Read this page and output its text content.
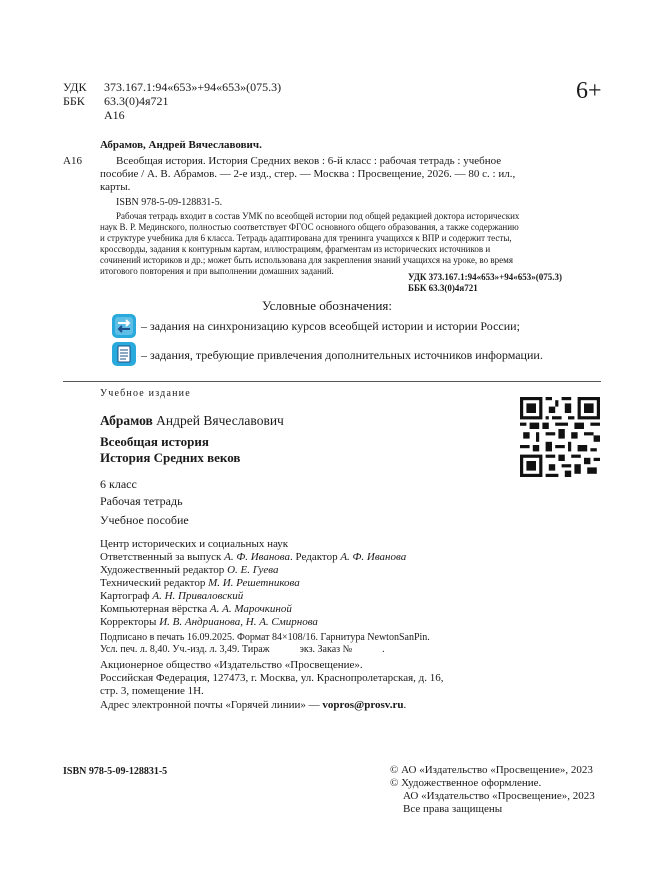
УДК 373.167.1:94«653»+94«653»(075.3)
ББК 63.3(0)4я721
А16
6+
Абрамов, Андрей Вячеславович.
А16	Всеобщая история. История Средних веков : 6-й класс : рабочая тетрадь : учебное
пособие / А. В. Абрамов. — 2-е изд., стер. — Москва : Просвещение, 2026. — 80 с. : ил.,
карты.
ISBN 978-5-09-128831-5.
Рабочая тетрадь входит в состав УМК по всеобщей истории под общей редакцией доктора исторических
наук В. Р. Мединского, полностью соответствует ФГОС основного общего образования, а также содержанию
и структуре учебника для 6 класса. Тетрадь адаптирована для тренинга учащихся к ВПР и содержит тесты,
кроссворды, задания к контурным картам, иллюстрациям, фрагментам из исторических источников и
сочинений историков и др.; может быть использована для закрепления знаний учащихся на уроке, во время
итогового повторения и при выполнении домашних заданий.
УДК 373.167.1:94«653»+94«653»(075.3)
ББК 63.3(0)4я721
Условные обозначения:
– задания на синхронизацию курсов всеобщей истории и истории России;
– задания, требующие привлечения дополнительных источников информации.
Учебное издание
Абрамов Андрей Вячеславович
Всеобщая история
История Средних веков
6 класс
Рабочая тетрадь
Учебное пособие
Центр исторических и социальных наук
Ответственный за выпуск А. Ф. Иванова. Редактор А. Ф. Иванова
Художественный редактор О. Е. Гуева
Технический редактор М. И. Решетникова
Картограф А. Н. Приваловский
Компьютерная вёрстка А. А. Марочкиной
Корректоры И. В. Андрианова, Н. А. Смирнова
Подписано в печать 16.09.2025. Формат 84×108/16. Гарнитура NewtonSanPin.
Усл. печ. л. 8,40. Уч.-изд. л. 3,49. Тираж            экз. Заказ №            .
Акционерное общество «Издательство «Просвещение».
Российская Федерация, 127473, г. Москва, ул. Краснопролетарская, д. 16,
стр. 3, помещение 1Н.
Адрес электронной почты «Горячей линии» — vopros@prosv.ru.
ISBN 978-5-09-128831-5	© АО «Издательство «Просвещение», 2023
© Художественное оформление.
АО «Издательство «Просвещение», 2023
Все права защищены
